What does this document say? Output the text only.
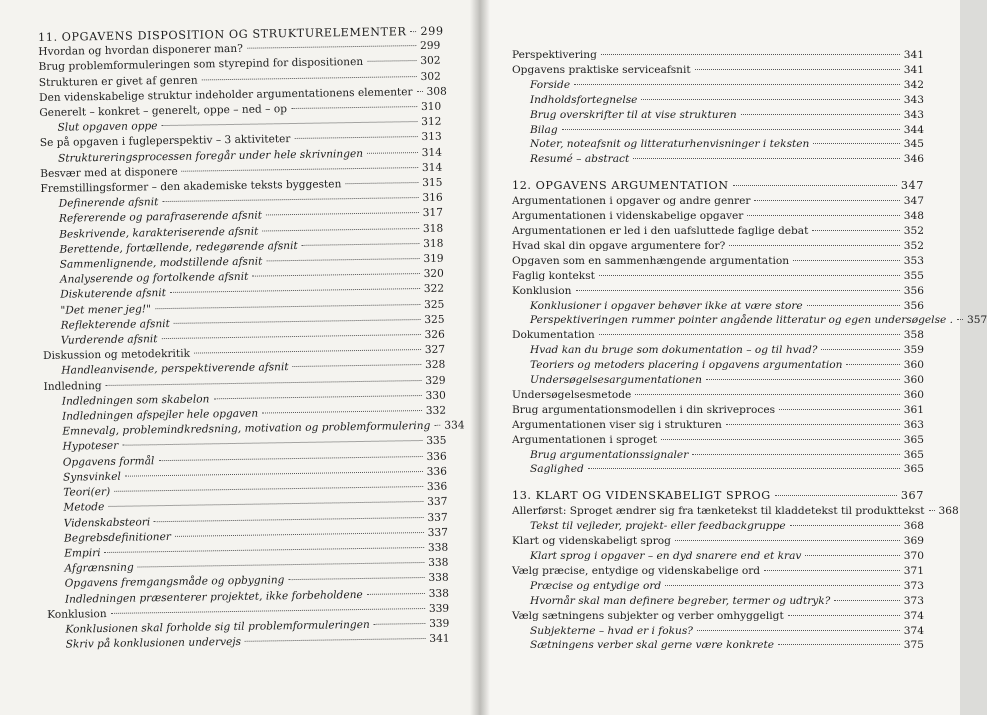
11. OPGAVENS DISPOSITION OG STRUKTURELEMENTER 299
Hvordan og hvordan disponerer man?	299
Brug problemformuleringen som styrepind for dispositionen	302
Strukturen er givet af genren	302
Den videnskabelige struktur indeholder argumentationens elementer 308
Generelt – konkret – generelt, oppe – ned – op	310
Slut opgaven oppe	312
Se på opgaven i fugleperspektiv – 3 aktiviteter	313
Struktureringsprocessen foregår under hele skrivningen	314
Besvær med at disponere	314
Fremstillingsformer – den akademiske teksts byggesten	315
Definerende afsnit	316
Refererende og parafraserende afsnit	317
Beskrivende, karakteriserende afsnit	318
Berettende, fortællende, redegørende afsnit	318
Sammenlignende, modstillende afsnit	319
Analyserende og fortolkende afsnit	320
Diskuterende afsnit	322
"Det mener jeg!"	325
Reflekterende afsnit	325
Vurderende afsnit	326
Diskussion og metodekritik	327
Handleanvisende, perspektiverende afsnit	328
Indledning	329
Indledningen som skabelon	330
Indledningen afspejler hele opgaven	332
Emnevalg, problemindkredsning, motivation og problemformulering 334
Hypoteser	335
Opgavens formål	336
Synsvinkel	336
Teori(er)	336
Metode	337
Videnskabsteori	337
Begrebsdefinitioner	337
Empiri	338
Afgrænsning	338
Opgavens fremgangsmåde og opbygning	338
Indledningen præsenterer projektet, ikke forbeholdene	338
Konklusion	339
Konklusionen skal forholde sig til problemformuleringen	339
Skriv på konklusionen undervejs	341
Perspektivering	341
Opgavens praktiske serviceafsnit	341
Forside	342
Indholdsfortegnelse	343
Brug overskrifter til at vise strukturen	343
Bilag	344
Noter, noteafsnit og litteraturhenvisninger i teksten	345
Resumé – abstract	346
12. OPGAVENS ARGUMENTATION	347
Argumentationen i opgaver og andre genrer	347
Argumentationen i videnskabelige opgaver	348
Argumentationen er led i den uafsluttede faglige debat	352
Hvad skal din opgave argumentere for?	352
Opgaven som en sammenhængende argumentation	353
Faglig kontekst	355
Konklusion	356
Konklusioner i opgaver behøver ikke at være store	356
Perspektiveringen rummer pointer angående litteratur og egen undersøgelse . 357
Dokumentation	358
Hvad kan du bruge som dokumentation – og til hvad?	359
Teoriers og metoders placering i opgavens argumentation	360
Undersøgelsesargumentationen	360
Undersøgelsesmetode	360
Brug argumentationsmodellen i din skriveproces	361
Argumentationen viser sig i strukturen	363
Argumentationen i sproget	365
Brug argumentationssignaler	365
Saglighed	365
13. KLART OG VIDENSKABELIGT SPROG	367
Allerførst: Sproget ændrer sig fra tænketekst til kladdetekst til produkttekst 368
Tekst til vejleder, projekt- eller feedbackgruppe	368
Klart og videnskabeligt sprog	369
Klart sprog i opgaver – en dyd snarere end et krav	370
Vælg præcise, entydige og videnskabelige ord	371
Præcise og entydige ord	373
Hvornår skal man definere begreber, termer og udtryk?	373
Vælg sætningens subjekter og verber omhyggeligt	374
Subjekterne – hvad er i fokus?	374
Sætningens verber skal gerne være konkrete	375
